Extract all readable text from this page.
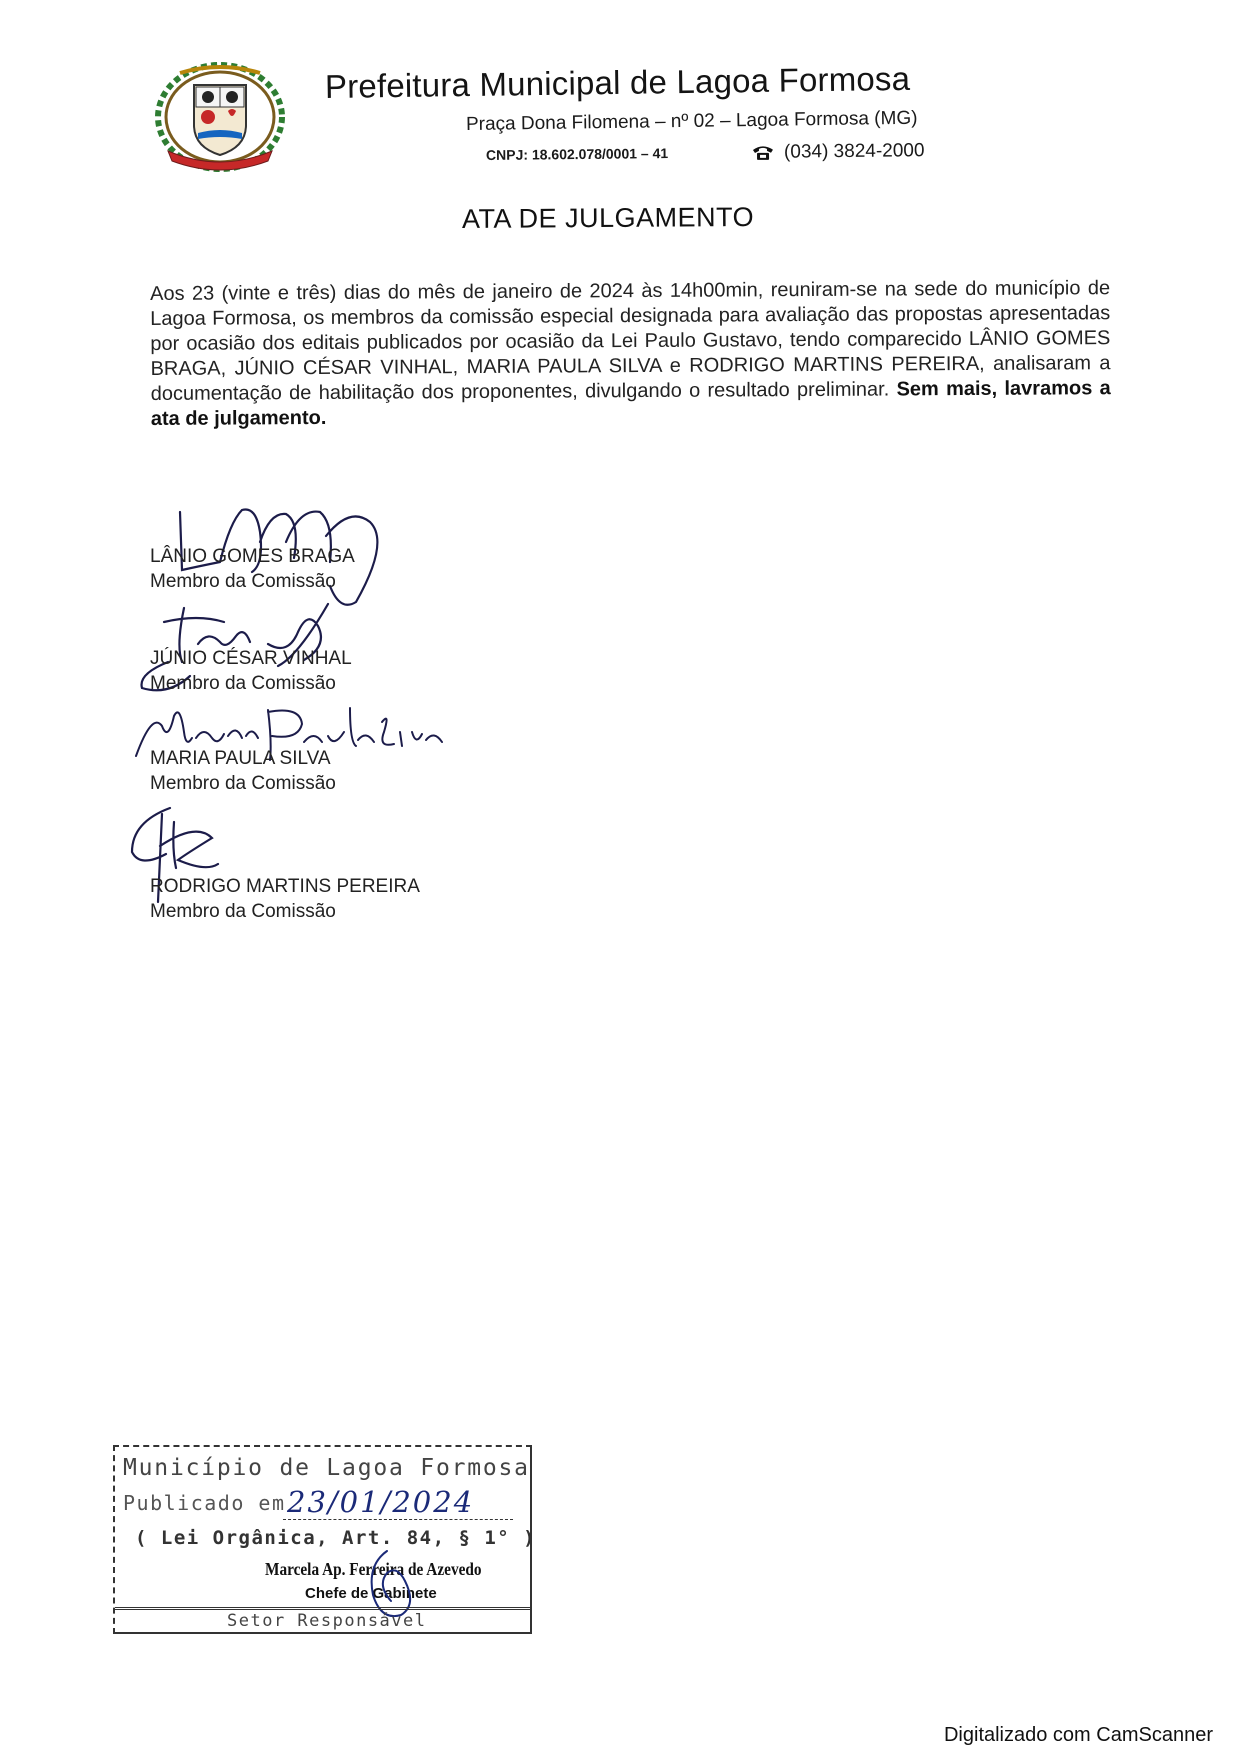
Prefeitura Municipal de Lagoa Formosa
Praça Dona Filomena – nº 02 – Lagoa Formosa (MG)
CNPJ: 18.602.078/0001 – 41	(034) 3824-2000
ATA DE JULGAMENTO
Aos 23 (vinte e três) dias do mês de janeiro de 2024 às 14h00min, reuniram-se na sede do município de Lagoa Formosa, os membros da comissão especial designada para avaliação das propostas apresentadas por ocasião dos editais publicados por ocasião da Lei Paulo Gustavo, tendo comparecido LÂNIO GOMES BRAGA, JÚNIO CÉSAR VINHAL, MARIA PAULA SILVA e RODRIGO MARTINS PEREIRA, analisaram a documentação de habilitação dos proponentes, divulgando o resultado preliminar. Sem mais, lavramos a ata de julgamento.
LÂNIO GOMES BRAGA
Membro da Comissão
JÚNIO CÉSAR VINHAL
Membro da Comissão
MARIA PAULA SILVA
Membro da Comissão
RODRIGO MARTINS PEREIRA
Membro da Comissão
Município de Lagoa Formosa
Publicado em 23/01/2024
( Lei Orgânica, Art. 84, § 1° )
Marcela Ap. Ferreira de Azevedo
Chefe de Gabinete
Setor Responsável
Digitalizado com CamScanner
